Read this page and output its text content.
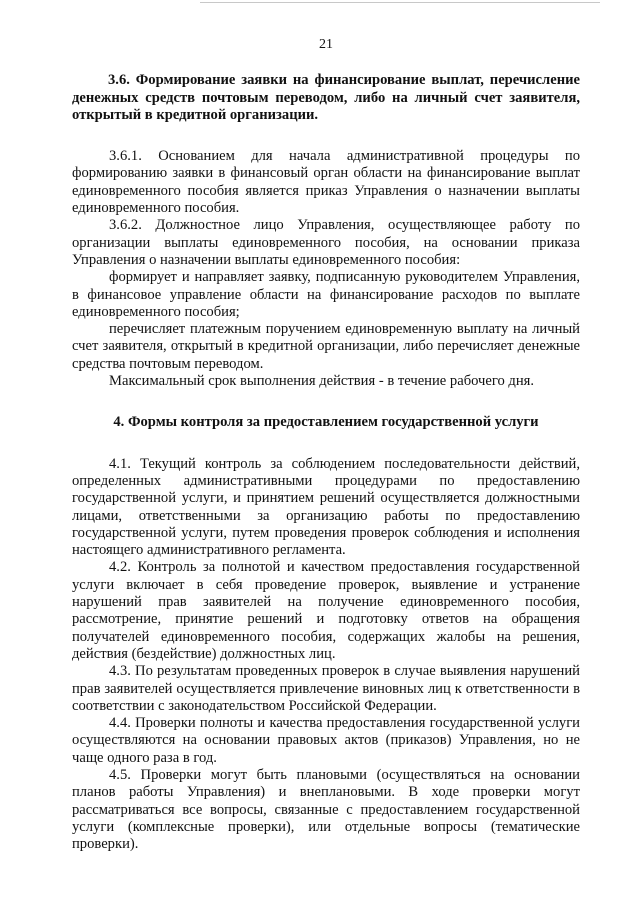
21

3.6. Формирование заявки на финансирование выплат, перечисление денежных средств почтовым переводом, либо на личный счет заявителя, открытый в кредитной организации.

3.6.1. Основанием для начала административной процедуры по формированию заявки в финансовый орган области на финансирование выплат единовременного пособия является приказ Управления о назначении выплаты единовременного пособия.

3.6.2. Должностное лицо Управления, осуществляющее работу по организации выплаты единовременного пособия, на основании приказа Управления о назначении выплаты единовременного пособия:

формирует и направляет заявку, подписанную руководителем Управления, в финансовое управление области на финансирование расходов по выплате единовременного пособия;

перечисляет платежным поручением единовременную выплату на личный счет заявителя, открытый в кредитной организации, либо перечисляет денежные средства почтовым переводом.

Максимальный срок выполнения действия - в течение рабочего дня.

4. Формы контроля за предоставлением государственной услуги

4.1. Текущий контроль за соблюдением последовательности действий, определенных административными процедурами по предоставлению государственной услуги, и принятием решений осуществляется должностными лицами, ответственными за организацию работы по предоставлению государственной услуги, путем проведения проверок соблюдения и исполнения настоящего административного регламента.

4.2. Контроль за полнотой и качеством предоставления государственной услуги включает в себя проведение проверок, выявление и устранение нарушений прав заявителей на получение единовременного пособия, рассмотрение, принятие решений и подготовку ответов на обращения получателей единовременного пособия, содержащих жалобы на решения, действия (бездействие) должностных лиц.

4.3. По результатам проведенных проверок в случае выявления нарушений прав заявителей осуществляется привлечение виновных лиц к ответственности в соответствии с законодательством Российской Федерации.

4.4. Проверки полноты и качества предоставления государственной услуги осуществляются на основании правовых актов (приказов) Управления, но не чаще одного раза в год.

4.5. Проверки могут быть плановыми (осуществляться на основании планов работы Управления) и внеплановыми. В ходе проверки могут рассматриваться все вопросы, связанные с предоставлением государственной услуги (комплексные проверки), или отдельные вопросы (тематические проверки).
